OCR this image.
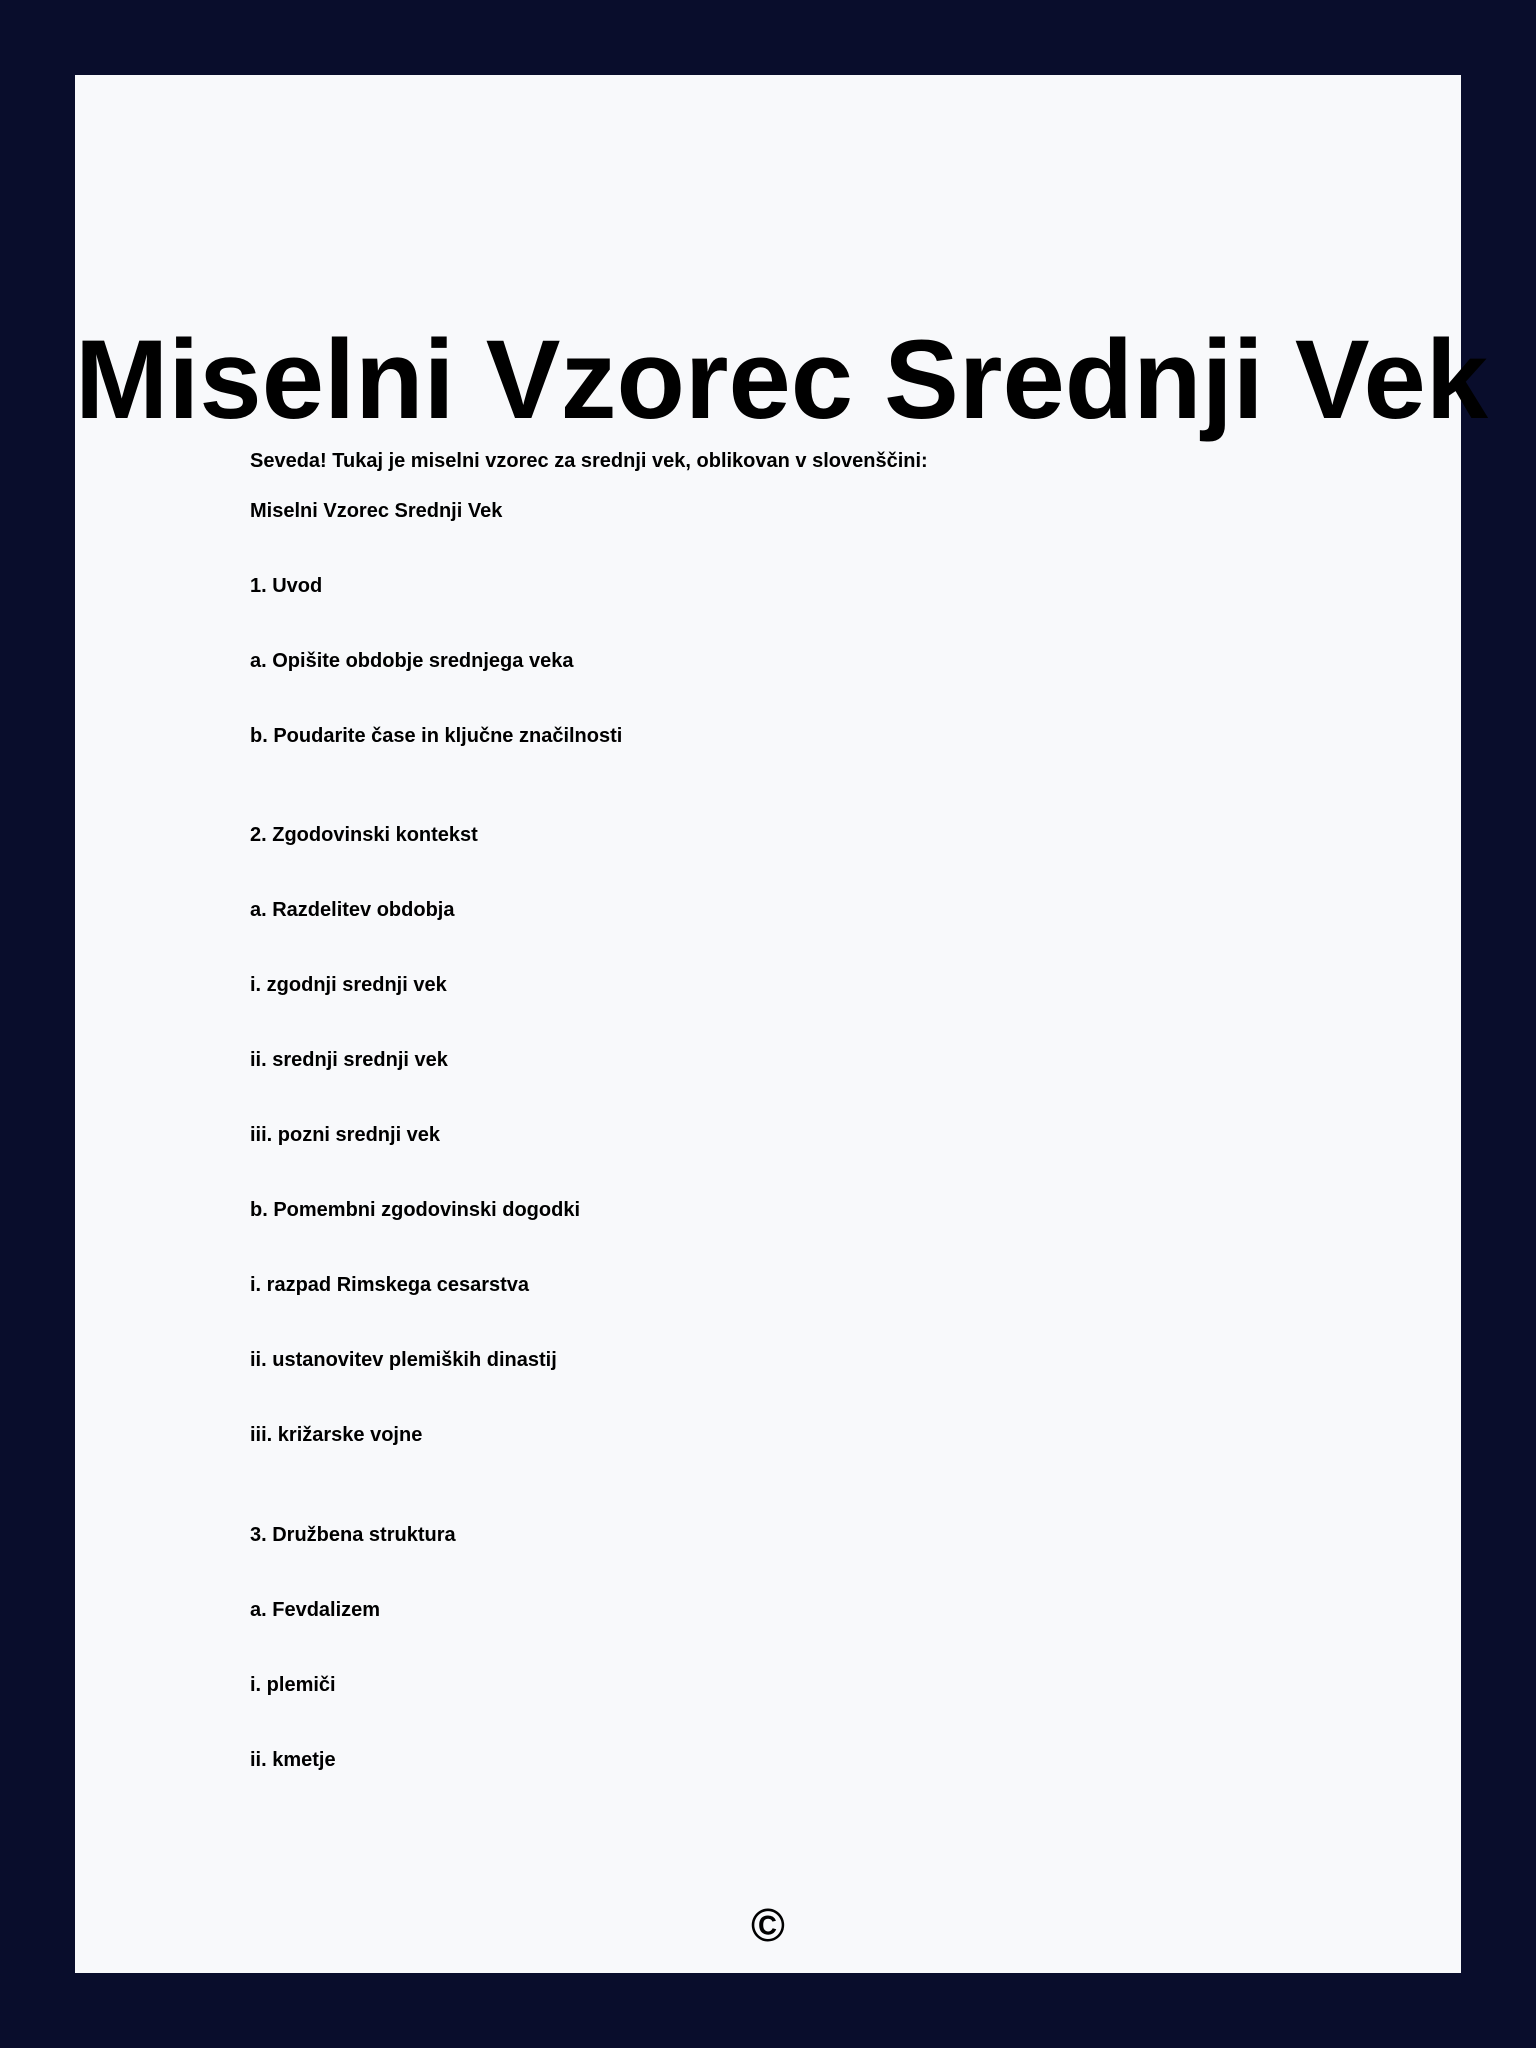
Miselni Vzorec Srednji Vek

Seveda! Tukaj je miselni vzorec za srednji vek, oblikovan v slovenščini:

Miselni Vzorec Srednji Vek

1. Uvod

a. Opišite obdobje srednjega veka

b. Poudarite čase in ključne značilnosti

2. Zgodovinski kontekst

a. Razdelitev obdobja

i. zgodnji srednji vek

ii. srednji srednji vek

iii. pozni srednji vek

b. Pomembni zgodovinski dogodki

i. razpad Rimskega cesarstva

ii. ustanovitev plemiških dinastij

iii. križarske vojne

3. Družbena struktura

a. Fevdalizem

i. plemiči

ii. kmetje

©
